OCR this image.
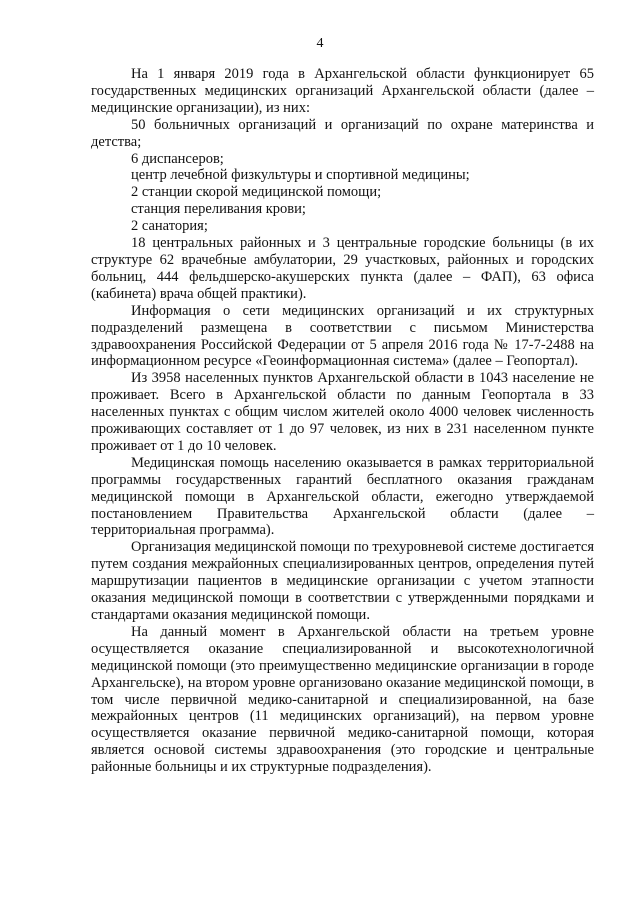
4

На 1 января 2019 года в Архангельской области функционирует 65 государственных медицинских организаций Архангельской области (далее – медицинские организации), из них:

50 больничных организаций и организаций по охране материнства и детства;

6 диспансеров;

центр лечебной физкультуры и спортивной медицины;

2 станции скорой медицинской помощи;

станция переливания крови;

2 санатория;

18 центральных районных и 3 центральные городские больницы (в их структуре 62 врачебные амбулатории, 29 участковых, районных и городских больниц, 444 фельдшерско-акушерских пункта (далее – ФАП), 63 офиса (кабинета) врача общей практики).

Информация о сети медицинских организаций и их структурных подразделений размещена в соответствии с письмом Министерства здравоохранения Российской Федерации от 5 апреля 2016 года № 17-7-2488 на информационном ресурсе «Геоинформационная система» (далее – Геопортал).

Из 3958 населенных пунктов Архангельской области в 1043 население не проживает. Всего в Архангельской области по данным Геопортала в 33 населенных пунктах с общим числом жителей около 4000 человек численность проживающих составляет от 1 до 97 человек, из них в 231 населенном пункте проживает от 1 до 10 человек.

Медицинская помощь населению оказывается в рамках территориальной программы государственных гарантий бесплатного оказания гражданам медицинской помощи в Архангельской области, ежегодно утверждаемой постановлением Правительства Архангельской области (далее – территориальная программа).

Организация медицинской помощи по трехуровневой системе достигается путем создания межрайонных специализированных центров, определения путей маршрутизации пациентов в медицинские организации с учетом этапности оказания медицинской помощи в соответствии с утвержденными порядками и стандартами оказания медицинской помощи.

На данный момент в Архангельской области на третьем уровне осуществляется оказание специализированной и высокотехнологичной медицинской помощи (это преимущественно медицинские организации в городе Архангельске), на втором уровне организовано оказание медицинской помощи, в том числе первичной медико-санитарной и специализированной, на базе межрайонных центров (11 медицинских организаций), на первом уровне осуществляется оказание первичной медико-санитарной помощи, которая является основой системы здравоохранения (это городские и центральные районные больницы и их структурные подразделения).
